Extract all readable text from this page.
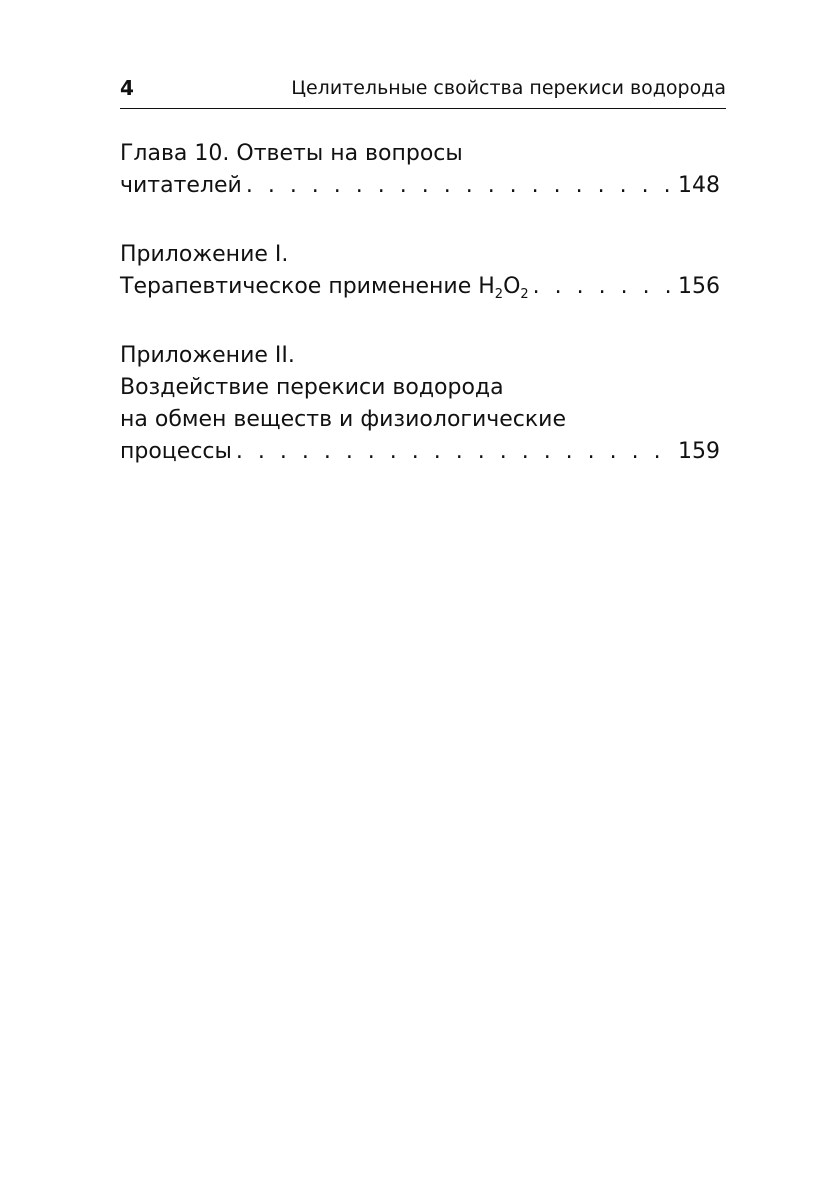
4	Целительные свойства перекиси водорода
Глава 10. Ответы на вопросы
читателей . . .	148
Приложение I.
Терапевтическое применение $H_2O_2$ . . .	156
Приложение II.
Воздействие перекиси водорода
на обмен веществ и физиологические
процессы . . .	159
